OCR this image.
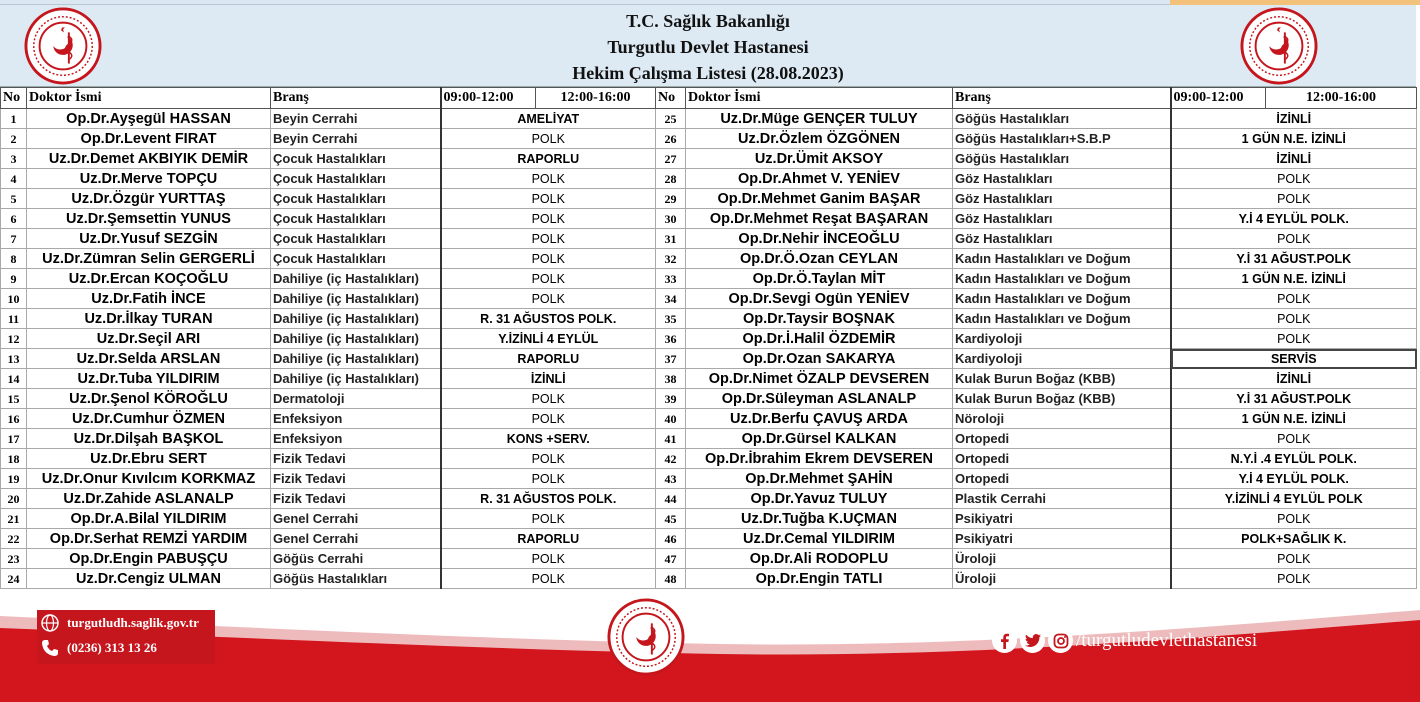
T.C. Sağlık Bakanlığı
Turgutlu Devlet Hastanesi
Hekim Çalışma Listesi (28.08.2023)
No	Doktor İsmi	Branş	09:00-12:00	12:00-16:00	No	Doktor İsmi	Branş	09:00-12:00	12:00-16:00
1	Op.Dr.Ayşegül HASSAN	Beyin Cerrahi	AMELİYAT		25	Uz.Dr.Müge GENÇER TULUY	Göğüs Hastalıkları	İZİNLİ	
2	Op.Dr.Levent FIRAT	Beyin Cerrahi	POLK		26	Uz.Dr.Özlem ÖZGÖNEN	Göğüs Hastalıkları+S.B.P	1 GÜN N.E. İZİNLİ	
3	Uz.Dr.Demet AKBIYIK DEMİR	Çocuk Hastalıkları	RAPORLU		27	Uz.Dr.Ümit AKSOY	Göğüs Hastalıkları	İZİNLİ	
4	Uz.Dr.Merve TOPÇU	Çocuk Hastalıkları	POLK		28	Op.Dr.Ahmet V. YENİEV	Göz Hastalıkları	POLK	
5	Uz.Dr.Özgür YURTTAŞ	Çocuk Hastalıkları	POLK		29	Op.Dr.Mehmet Ganim BAŞAR	Göz Hastalıkları	POLK	
6	Uz.Dr.Şemsettin YUNUS	Çocuk Hastalıkları	POLK		30	Op.Dr.Mehmet Reşat BAŞARAN	Göz Hastalıkları	Y.İ 4 EYLÜL POLK.	
7	Uz.Dr.Yusuf SEZGİN	Çocuk Hastalıkları	POLK		31	Op.Dr.Nehir İNCEOĞLU	Göz Hastalıkları	POLK	
8	Uz.Dr.Zümran Selin GERGERLİ	Çocuk Hastalıkları	POLK		32	Op.Dr.Ö.Ozan CEYLAN	Kadın Hastalıkları ve Doğum	Y.İ 31 AĞUST.POLK	
9	Uz.Dr.Ercan KOÇOĞLU	Dahiliye (iç Hastalıkları)	POLK		33	Op.Dr.Ö.Taylan MİT	Kadın Hastalıkları ve Doğum	1 GÜN N.E. İZİNLİ	
10	Uz.Dr.Fatih İNCE	Dahiliye (iç Hastalıkları)	POLK		34	Op.Dr.Sevgi Ogün YENİEV	Kadın Hastalıkları ve Doğum	POLK	
11	Uz.Dr.İlkay TURAN	Dahiliye (iç Hastalıkları)	R. 31 AĞUSTOS POLK.		35	Op.Dr.Taysir BOŞNAK	Kadın Hastalıkları ve Doğum	POLK	
12	Uz.Dr.Seçil ARI	Dahiliye (iç Hastalıkları)	Y.İZİNLİ 4 EYLÜL		36	Op.Dr.İ.Halil ÖZDEMİR	Kardiyoloji	POLK	
13	Uz.Dr.Selda ARSLAN	Dahiliye (iç Hastalıkları)	RAPORLU		37	Op.Dr.Ozan SAKARYA	Kardiyoloji	SERVİS	
14	Uz.Dr.Tuba YILDIRIM	Dahiliye (iç Hastalıkları)	İZİNLİ		38	Op.Dr.Nimet ÖZALP DEVSEREN	Kulak Burun Boğaz (KBB)	İZİNLİ	
15	Uz.Dr.Şenol KÖROĞLU	Dermatoloji	POLK		39	Op.Dr.Süleyman ASLANALP	Kulak Burun Boğaz (KBB)	Y.İ 31 AĞUST.POLK	
16	Uz.Dr.Cumhur ÖZMEN	Enfeksiyon	POLK		40	Uz.Dr.Berfu ÇAVUŞ ARDA	Nöroloji	1 GÜN N.E. İZİNLİ	
17	Uz.Dr.Dilşah BAŞKOL	Enfeksiyon	KONS +SERV.		41	Op.Dr.Gürsel KALKAN	Ortopedi	POLK	
18	Uz.Dr.Ebru SERT	Fizik Tedavi	POLK		42	Op.Dr.İbrahim Ekrem DEVSEREN	Ortopedi	N.Y.İ .4 EYLÜL POLK.	
19	Uz.Dr.Onur Kıvılcım KORKMAZ	Fizik Tedavi	POLK		43	Op.Dr.Mehmet ŞAHİN	Ortopedi	Y.İ 4 EYLÜL POLK.	
20	Uz.Dr.Zahide ASLANALP	Fizik Tedavi	R. 31 AĞUSTOS POLK.		44	Op.Dr.Yavuz TULUY	Plastik Cerrahi	Y.İZİNLİ 4 EYLÜL POLK	
21	Op.Dr.A.Bilal YILDIRIM	Genel Cerrahi	POLK		45	Uz.Dr.Tuğba K.UÇMAN	Psikiyatri	POLK	
22	Op.Dr.Serhat REMZİ YARDIM	Genel Cerrahi	RAPORLU		46	Uz.Dr.Cemal YILDIRIM	Psikiyatri	POLK+SAĞLIK K.	
23	Op.Dr.Engin PABUŞÇU	Göğüs Cerrahi	POLK		47	Op.Dr.Ali RODOPLU	Üroloji	POLK	
24	Uz.Dr.Cengiz ULMAN	Göğüs Hastalıkları	POLK		48	Op.Dr.Engin TATLI	Üroloji	POLK	
turgutludh.saglik.gov.tr
(0236) 313 13 26	/turgutludevlethastanesi
